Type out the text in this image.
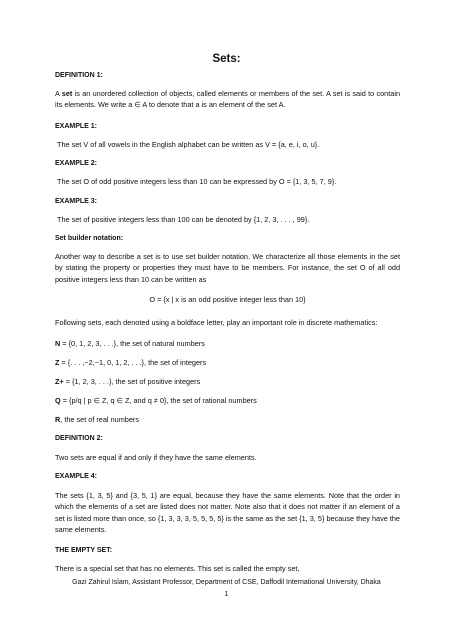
Sets:

DEFINITION 1:

A set is an unordered collection of objects, called elements or members of the set. A set is said to contain its elements. We write a ∈ A to denote that a is an element of the set A.

EXAMPLE 1:

The set V of all vowels in the English alphabet can be written as V = {a, e, i, o, u}.

EXAMPLE 2:

The set O of odd positive integers less than 10 can be expressed by O = {1, 3, 5, 7, 9}.

EXAMPLE 3:

The set of positive integers less than 100 can be denoted by {1, 2, 3, . . . , 99}.

Set builder notation:

Another way to describe a set is to use set builder notation. We characterize all those elements in the set by stating the property or properties they must have to be members. For instance, the set O of all odd positive integers less than 10 can be written as

O = {x | x is an odd positive integer less than 10}

Following sets, each denoted using a boldface letter, play an important role in discrete mathematics:

N = {0, 1, 2, 3, . . .}, the set of natural numbers

Z = {. . . ,−2,−1, 0, 1, 2, . . .}, the set of integers

Z+ = {1, 2, 3, . . .}, the set of positive integers

Q = {p/q | p ∈ Z, q ∈ Z, and q ≠ 0}, the set of rational numbers

R, the set of real numbers

DEFINITION 2:

Two sets are equal if and only if they have the same elements.

EXAMPLE 4:

The sets {1, 3, 5} and {3, 5, 1} are equal, because they have the same elements. Note that the order in which the elements of a set are listed does not matter. Note also that it does not matter if an element of a set is listed more than once, so {1, 3, 3, 3, 5, 5, 5, 5} is the same as the set {1, 3, 5} because they have the same elements.

THE EMPTY SET:

There is a special set that has no elements. This set is called the empty set,

Gazi Zahirul Islam, Assistant Professor, Department of CSE, Daffodil International University, Dhaka

1
